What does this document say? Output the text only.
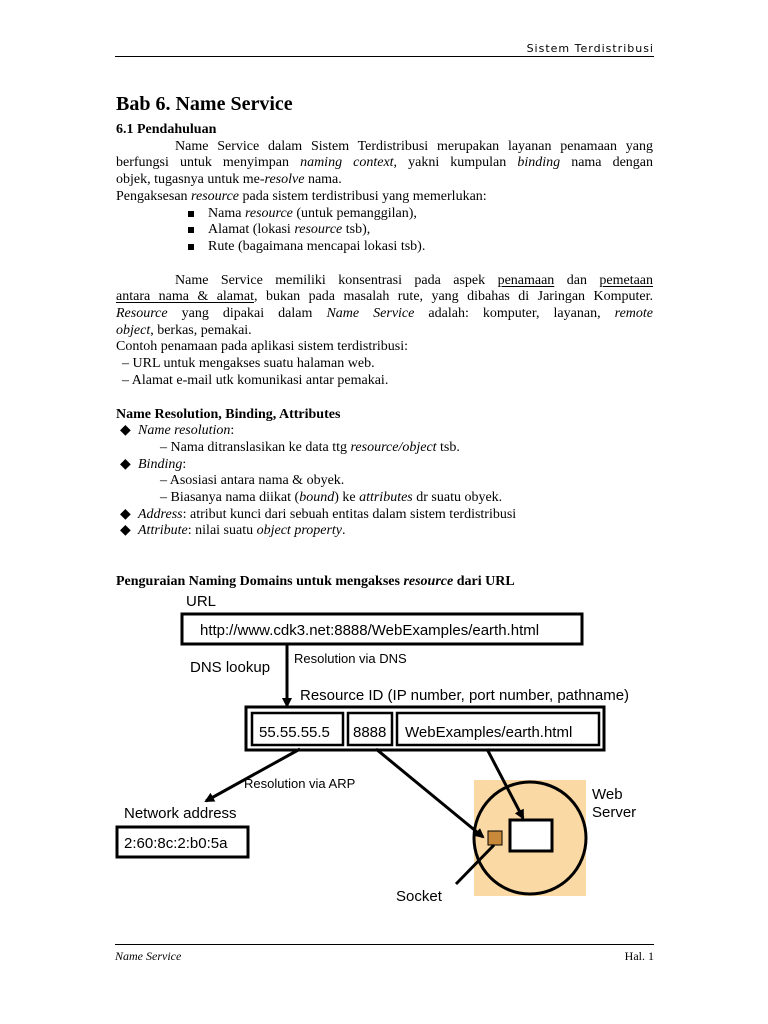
Sistem Terdistribusi
Bab 6. Name Service

6.1 Pendahuluan

Name Service dalam Sistem Terdistribusi merupakan layanan penamaan yang

berfungsi untuk menyimpan naming context, yakni kumpulan binding nama dengan

objek, tugasnya untuk me-resolve nama.

Pengaksesan resource pada sistem terdistribusi yang memerlukan:

Nama resource (untuk pemanggilan),

Alamat (lokasi resource tsb),

Rute (bagaimana mencapai lokasi tsb).

Name Service memiliki konsentrasi pada aspek penamaan dan pemetaan

antara nama & alamat, bukan pada masalah rute, yang dibahas di Jaringan Komputer.

Resource yang dipakai dalam Name Service adalah: komputer, layanan, remote

object, berkas, pemakai.

Contoh penamaan pada aplikasi sistem terdistribusi:

– URL untuk mengakses suatu halaman web.

– Alamat e-mail utk komunikasi antar pemakai.

Name Resolution, Binding, Attributes

◆ Name resolution:

– Nama ditranslasikan ke data ttg resource/object tsb.

◆ Binding:

– Asosiasi antara nama & obyek.

– Biasanya nama diikat (bound) ke attributes dr suatu obyek.

◆ Address: atribut kunci dari sebuah entitas dalam sistem terdistribusi

◆ Attribute: nilai suatu object property.

Penguraian Naming Domains untuk mengakses resource dari URL

URL
http://www.cdk3.net:8888/WebExamples/earth.html
DNS lookup
Resolution via DNS
Resource ID (IP number, port number, pathname)
55.55.55.5 8888 WebExamples/earth.html
Web
Server
Resolution via ARP
Network address
2:60:8c:2:b0:5a
Socket
Name Service	Hal. 1
